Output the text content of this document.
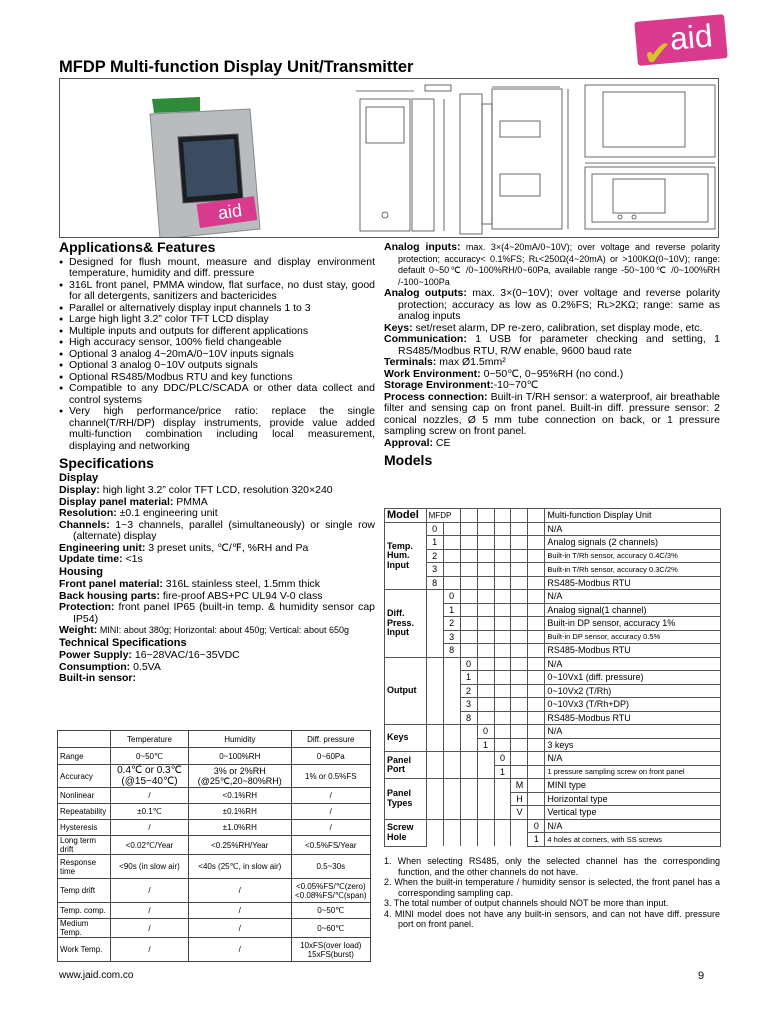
✔
aid
MFDP Multi-function Display Unit/Transmitter
aid
Applications& Features
● Designed for flush mount, measure and display environment temperature, humidity and diff. pressure
● 316L front panel, PMMA window, flat surface, no dust stay, good for all detergents, sanitizers and bactericides
● Parallel or alternatively display input channels 1 to 3
● Large high light 3.2” color TFT LCD display
● Multiple inputs and outputs for different applications
● High accuracy sensor, 100% field changeable
● Optional 3 analog 4~20mA/0~10V inputs signals
● Optional 3 analog 0~10V outputs signals
● Optional RS485/Modbus RTU and key functions
● Compatible to any DDC/PLC/SCADA or other data collect and control systems
● Very high performance/price ratio: replace the single channel(T/RH/DP) display instruments, provide value added multi-function combination including local measurement, displaying and networking
Specifications
Display

Display: high light 3.2” color TFT LCD, resolution 320×240

Display panel material: PMMA

Resolution: ±0.1 engineering unit

Channels: 1~3 channels, parallel (simultaneously) or single row (alternate) display

Engineering unit: 3 preset units, ℃/℉, %RH and Pa

Update time: <1s

Housing

Front panel material: 316L stainless steel, 1.5mm thick

Back housing parts: fire-proof ABS+PC UL94 V-0 class

Protection: front panel IP65 (built-in temp. & humidity sensor cap IP54)

Weight: MINI: about 380g; Horizontal: about 450g; Vertical: about 650g

Technical Specifications

Power Supply: 16~28VAC/16~35VDC

Consumption: 0.5VA

Built-in sensor:

	Temperature	Humidity	Diff. pressure
Range	0~50℃	0~100%RH	0~60Pa
Accuracy	0.4℃ or 0.3℃ (@15~40℃)	3% or 2%RH (@25℃,20~80%RH)	1% or 0.5%FS
Nonlinear	/	<0.1%RH	/
Repeatability	±0.1℃	±0.1%RH	/
Hysteresis	/	±1.0%RH	/
Long term drift	<0.02℃/Year	<0.25%RH/Year	<0.5%FS/Year
Response time	<90s (in slow air)	<40s (25℃, in slow air)	0.5~30s
Temp drift	/	/	<0.05%FS/℃(zero) <0.08%FS/℃(span)
Temp. comp.	/	/	0~50℃
Medium Temp.	/	/	0~60℃
Work Temp.	/	/	10xFS(over load) 15xFS(burst)

Analog inputs: max. 3×(4~20mA/0~10V); over voltage and reverse polarity protection; accuracy< 0.1%FS; Rʟ<250Ω(4~20mA) or >100KΩ(0~10V); range: default 0~50℃ /0~100%RH/0~60Pa, available range -50~100℃ /0~100%RH /-100~100Pa

Analog outputs: max. 3×(0~10V); over voltage and reverse polarity protection; accuracy as low as 0.2%FS; Rʟ>2KΩ; range: same as analog inputs

Keys: set/reset alarm, DP re-zero, calibration, set display mode, etc.

Communication: 1 USB for parameter checking and setting, 1 RS485/Modbus RTU, R/W enable, 9600 baud rate

Terminals: max Ø1.5mm²

Work Environment: 0~50℃, 0~95%RH (no cond.)

Storage Environment:-10~70℃

Process connection: Built-in T/RH sensor: a waterproof, air breathable filter and sensing cap on front panel. Built-in diff. pressure sensor: 2 conical nozzles, Ø 5 mm tube connection on back, or 1 pressure sampling screw on front panel.

Approval: CE

Models
Model	MFDP							Multi-function Display Unit
Temp. Hum. Input	0							N/A
	1							Analog signals (2 channels)
	2							Built-in T/Rh sensor, accuracy 0.4C/3%
	3							Built-in T/Rh sensor, accuracy 0.3C/2%
	8							RS485-Modbus RTU
Diff. Press. Input		0						N/A
		1						Analog signal(1 channel)
		2						Built-in DP sensor, accuracy 1%
		3						Built-in DP sensor, accuracy 0.5%
		8						RS485-Modbus RTU
Output			0					N/A
			1					0~10Vx1 (diff. pressure)
			2					0~10Vx2 (T/Rh)
			3					0~10Vx3 (T/Rh+DP)
			8					RS485-Modbus RTU
Keys				0				N/A
				1				3 keys
Panel Port					0			N/A
					1			1 pressure sampling screw on front panel
Panel Types						M		MINI type
						H		Horizontal type
						V		Vertical type
Screw Hole							0	N/A
							1	4 holes at corners, with SS screws

1. When selecting RS485, only the selected channel has the corresponding function, and the other channels do not have.

2. When the built-in temperature / humidity sensor is selected, the front panel has a corresponding sampling cap.

3. The total number of output channels should NOT be more than input.

4. MINI model does not have any built-in sensors, and can not have diff. pressure port on front panel.

www.jaid.com.co	9
